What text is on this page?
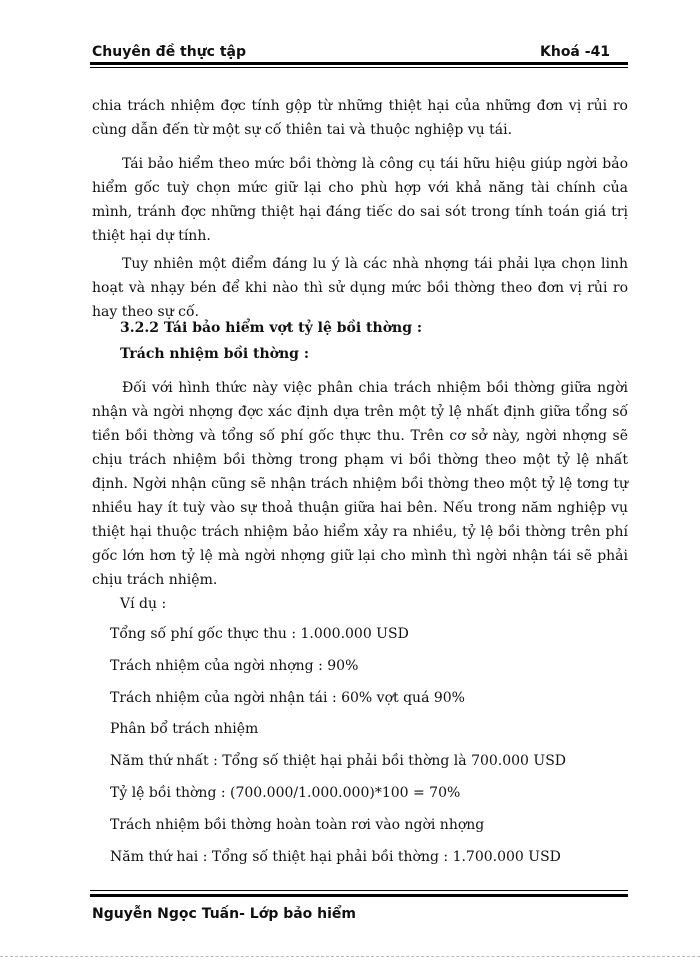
Chuyên đề thực tập	Khoá -41

chia trách nhiệm đợc tính gộp từ những thiệt hại của những đơn vị rủi ro cùng dẫn đến từ một sự cố thiên tai và thuộc nghiệp vụ tái.

Tái bảo hiểm theo mức bồi thờng là công cụ tái hữu hiệu giúp ngời bảo hiểm gốc tuỳ chọn mức giữ lại cho phù hợp với khả năng tài chính của mình, tránh đợc những thiệt hại đáng tiếc do sai sót trong tính toán giá trị thiệt hại dự tính.

Tuy nhiên một điểm đáng lu ý là các nhà nhợng tái phải lựa chọn linh hoạt và nhạy bén để khi nào thì sử dụng mức bồi thờng theo đơn vị rủi ro hay theo sự cố.

3.2.2 Tái bảo hiểm vợt tỷ lệ bồi thờng :

Trách nhiệm bồi thờng :

Đối với hình thức này việc phân chia trách nhiệm bồi thờng giữa ngời nhận và ngời nhợng đợc xác định dựa trên một tỷ lệ nhất định giữa tổng số tiền bồi thờng và tổng số phí gốc thực thu. Trên cơ sở này, ngời nhợng sẽ chịu trách nhiệm bồi thờng trong phạm vi bồi thờng theo một tỷ lệ nhất định. Ngời nhận cũng sẽ nhận trách nhiệm bồi thờng theo một tỷ lệ tơng tự nhiều hay ít tuỳ vào sự thoả thuận giữa hai bên. Nếu trong năm nghiệp vụ thiệt hại thuộc trách nhiệm bảo hiểm xảy ra nhiều, tỷ lệ bồi thờng trên phí gốc lớn hơn tỷ lệ mà ngời nhợng giữ lại cho mình thì ngời nhận tái sẽ phải chịu trách nhiệm.

Ví dụ :

Tổng số phí gốc thực thu : 1.000.000 USD

Trách nhiệm của ngời nhợng : 90%

Trách nhiệm của ngời nhận tái : 60% vợt quá 90%

Phân bổ trách nhiệm

Năm thứ nhất : Tổng số thiệt hại phải bồi thờng là 700.000 USD

Tỷ lệ bồi thờng : (700.000/1.000.000)*100 = 70%

Trách nhiệm bồi thờng hoàn toàn rơi vào ngời nhợng

Năm thứ hai : Tổng số thiệt hại phải bồi thờng : 1.700.000 USD

Nguyễn Ngọc Tuấn- Lớp bảo hiểm
